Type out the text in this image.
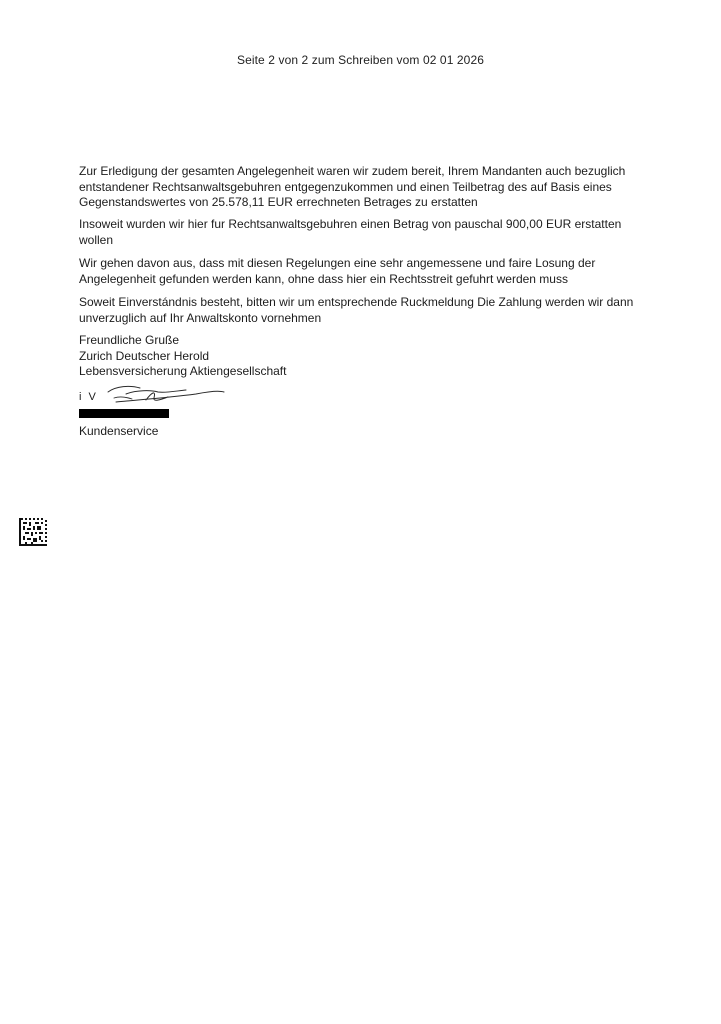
Seite 2 von 2 zum Schreiben vom 02 01 2026

Zur Erledigung der gesamten Angelegenheit waren wir zudem bereit, Ihrem Mandanten auch bezuglich entstandener Rechtsanwaltsgebuhren entgegenzukommen und einen Teilbetrag des auf Basis eines Gegenstandswertes von 25.578,11 EUR errechneten Betrages zu erstatten

Insoweit wurden wir hier fur Rechtsanwaltsgebuhren einen Betrag von pauschal 900,00 EUR erstatten wollen

Wir gehen davon aus, dass mit diesen Regelungen eine sehr angemessene und faire Losung der Angelegenheit gefunden werden kann, ohne dass hier ein Rechtsstreit gefuhrt werden muss

Soweit Einverstándnis besteht, bitten wir um entsprechende Ruckmeldung Die Zahlung werden wir dann unverzuglich auf Ihr Anwaltskonto vornehmen

Freundliche Gruße
Zurich Deutscher Herold
Lebensversicherung Aktiengesellschaft
i V
Kundenservice
